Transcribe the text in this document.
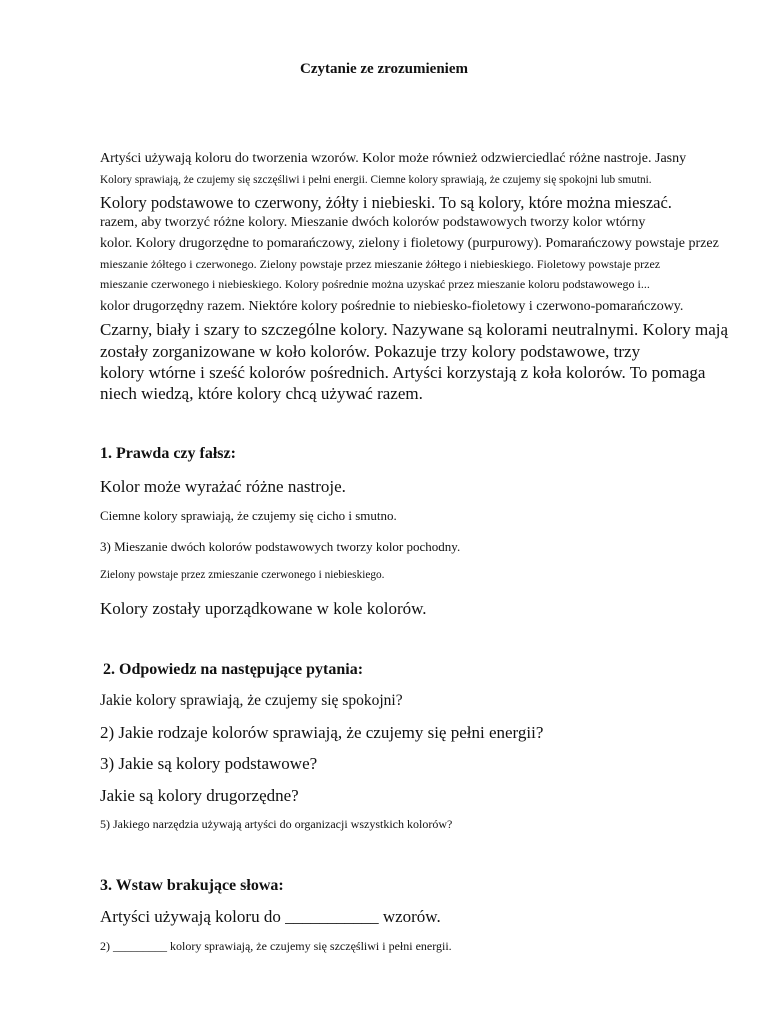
Czytanie ze zrozumieniem
Artyści używają koloru do tworzenia wzorów. Kolor może również odzwierciedlać różne nastroje. Jasny
Kolory sprawiają, że czujemy się szczęśliwi i pełni energii. Ciemne kolory sprawiają, że czujemy się spokojni lub smutni.
Kolory podstawowe to czerwony, żółty i niebieski. To są kolory, które można mieszać.
razem, aby tworzyć różne kolory. Mieszanie dwóch kolorów podstawowych tworzy kolor wtórny
kolor. Kolory drugorzędne to pomarańczowy, zielony i fioletowy (purpurowy). Pomarańczowy powstaje przez
mieszanie żółtego i czerwonego. Zielony powstaje przez mieszanie żółtego i niebieskiego. Fioletowy powstaje przez
mieszanie czerwonego i niebieskiego. Kolory pośrednie można uzyskać przez mieszanie koloru podstawowego i...
kolor drugorzędny razem. Niektóre kolory pośrednie to niebiesko-fioletowy i czerwono-pomarańczowy.
Czarny, biały i szary to szczególne kolory. Nazywane są kolorami neutralnymi. Kolory mają
zostały zorganizowane w koło kolorów. Pokazuje trzy kolory podstawowe, trzy
kolory wtórne i sześć kolorów pośrednich. Artyści korzystają z koła kolorów. To pomaga
niech wiedzą, które kolory chcą używać razem.
1. Prawda czy fałsz:
Kolor może wyrażać różne nastroje.
Ciemne kolory sprawiają, że czujemy się cicho i smutno.
3) Mieszanie dwóch kolorów podstawowych tworzy kolor pochodny.
Zielony powstaje przez zmieszanie czerwonego i niebieskiego.
Kolory zostały uporządkowane w kole kolorów.
2. Odpowiedz na następujące pytania:
Jakie kolory sprawiają, że czujemy się spokojni?
2) Jakie rodzaje kolorów sprawiają, że czujemy się pełni energii?
3) Jakie są kolory podstawowe?
Jakie są kolory drugorzędne?
5) Jakiego narzędzia używają artyści do organizacji wszystkich kolorów?
3. Wstaw brakujące słowa:
Artyści używają koloru do ___________ wzorów.
2) _________ kolory sprawiają, że czujemy się szczęśliwi i pełni energii.
